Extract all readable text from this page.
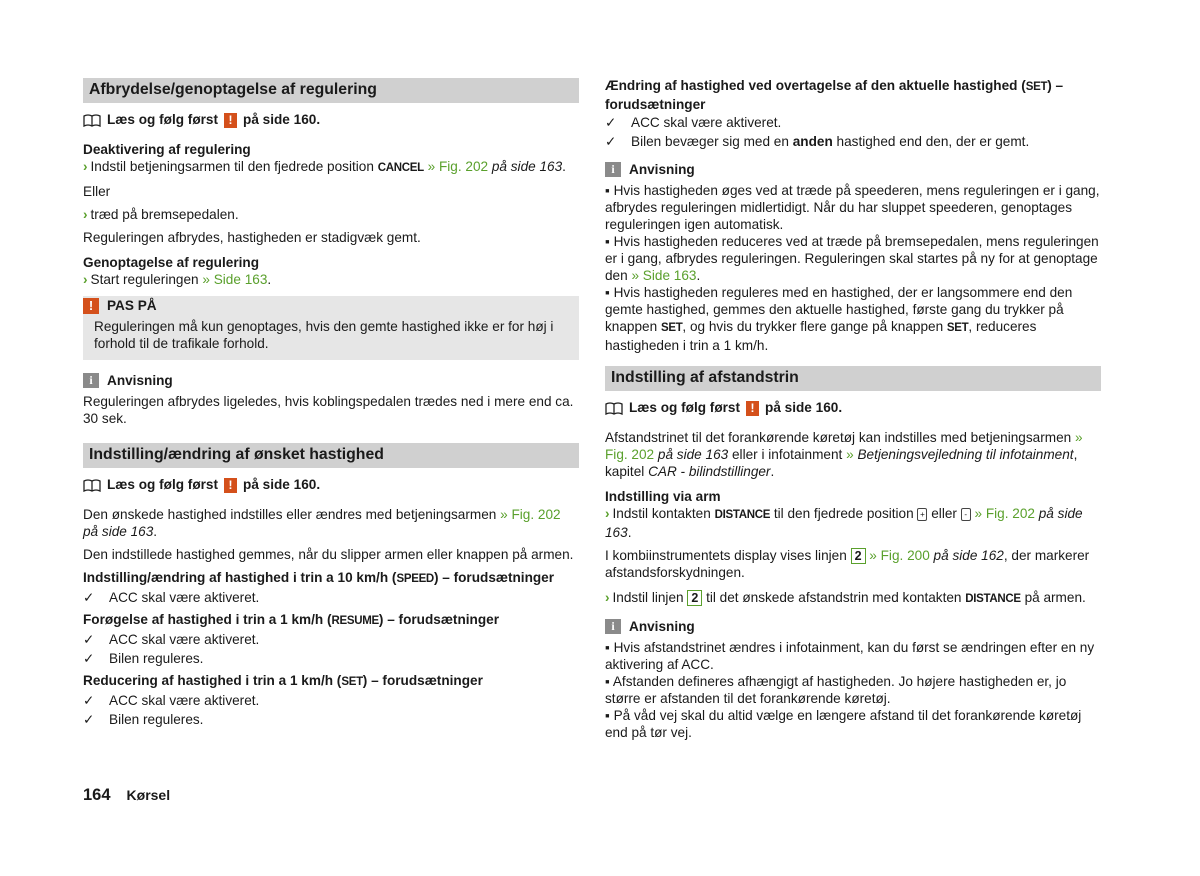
Afbrydelse/genoptagelse af regulering
Læs og følg først ! på side 160.
Deaktivering af regulering
› Indstil betjeningsarmen til den fjedrede position CANCEL » Fig. 202 på side 163.

Eller

› træd på bremsepedalen.

Reguleringen afbrydes, hastigheden er stadigvæk gemt.

Genoptagelse af regulering
› Start reguleringen » Side 163.
!	PAS PÅ

Reguleringen må kun genoptages, hvis den gemte hastighed ikke er for høj i forhold til de trafikale forhold.

i	Anvisning

Reguleringen afbrydes ligeledes, hvis koblingspedalen trædes ned i mere end ca. 30 sek.

Indstilling/ændring af ønsket hastighed
Læs og følg først ! på side 160.

Den ønskede hastighed indstilles eller ændres med betjeningsarmen » Fig. 202 på side 163.

Den indstillede hastighed gemmes, når du slipper armen eller knappen på armen.

Indstilling/ændring af hastighed i trin a 10 km/h (SPEED) – forudsætninger
✓	ACC skal være aktiveret.
Forøgelse af hastighed i trin a 1 km/h (RESUME) – forudsætninger
✓	ACC skal være aktiveret.
✓	Bilen reguleres.
Reducering af hastighed i trin a 1 km/h (SET) – forudsætninger
✓	ACC skal være aktiveret.
✓	Bilen reguleres.
Ændring af hastighed ved overtagelse af den aktuelle hastighed (SET) – forudsætninger
✓	ACC skal være aktiveret.
✓	Bilen bevæger sig med en anden hastighed end den, der er gemt.
i	Anvisning

▪ Hvis hastigheden øges ved at træde på speederen, mens reguleringen er i gang, afbrydes reguleringen midlertidigt. Når du har sluppet speederen, genoptages reguleringen igen automatisk.

▪ Hvis hastigheden reduceres ved at træde på bremsepedalen, mens reguleringen er i gang, afbrydes reguleringen. Reguleringen skal startes på ny for at genoptage den » Side 163.

▪ Hvis hastigheden reguleres med en hastighed, der er langsommere end den gemte hastighed, gemmes den aktuelle hastighed, første gang du trykker på knappen SET, og hvis du trykker flere gange på knappen SET, reduceres hastigheden i trin a 1 km/h.

Indstilling af afstandstrin
Læs og følg først ! på side 160.

Afstandstrinet til det forankørende køretøj kan indstilles med betjeningsarmen » Fig. 202 på side 163 eller i infotainment » Betjeningsvejledning til infotainment, kapitel CAR - bilindstillinger.

Indstilling via arm
› Indstil kontakten DISTANCE til den fjedrede position + eller - » Fig. 202 på side 163.

I kombiinstrumentets display vises linjen 2 » Fig. 200 på side 162, der markerer afstandsforskydningen.

› Indstil linjen 2 til det ønskede afstandstrin med kontakten DISTANCE på armen.
i	Anvisning

▪ Hvis afstandstrinet ændres i infotainment, kan du først se ændringen efter en ny aktivering af ACC.

▪ Afstanden defineres afhængigt af hastigheden. Jo højere hastigheden er, jo større er afstanden til det forankørende køretøj.

▪ På våd vej skal du altid vælge en længere afstand til det forankørende køretøj end på tør vej.

164 Kørsel
